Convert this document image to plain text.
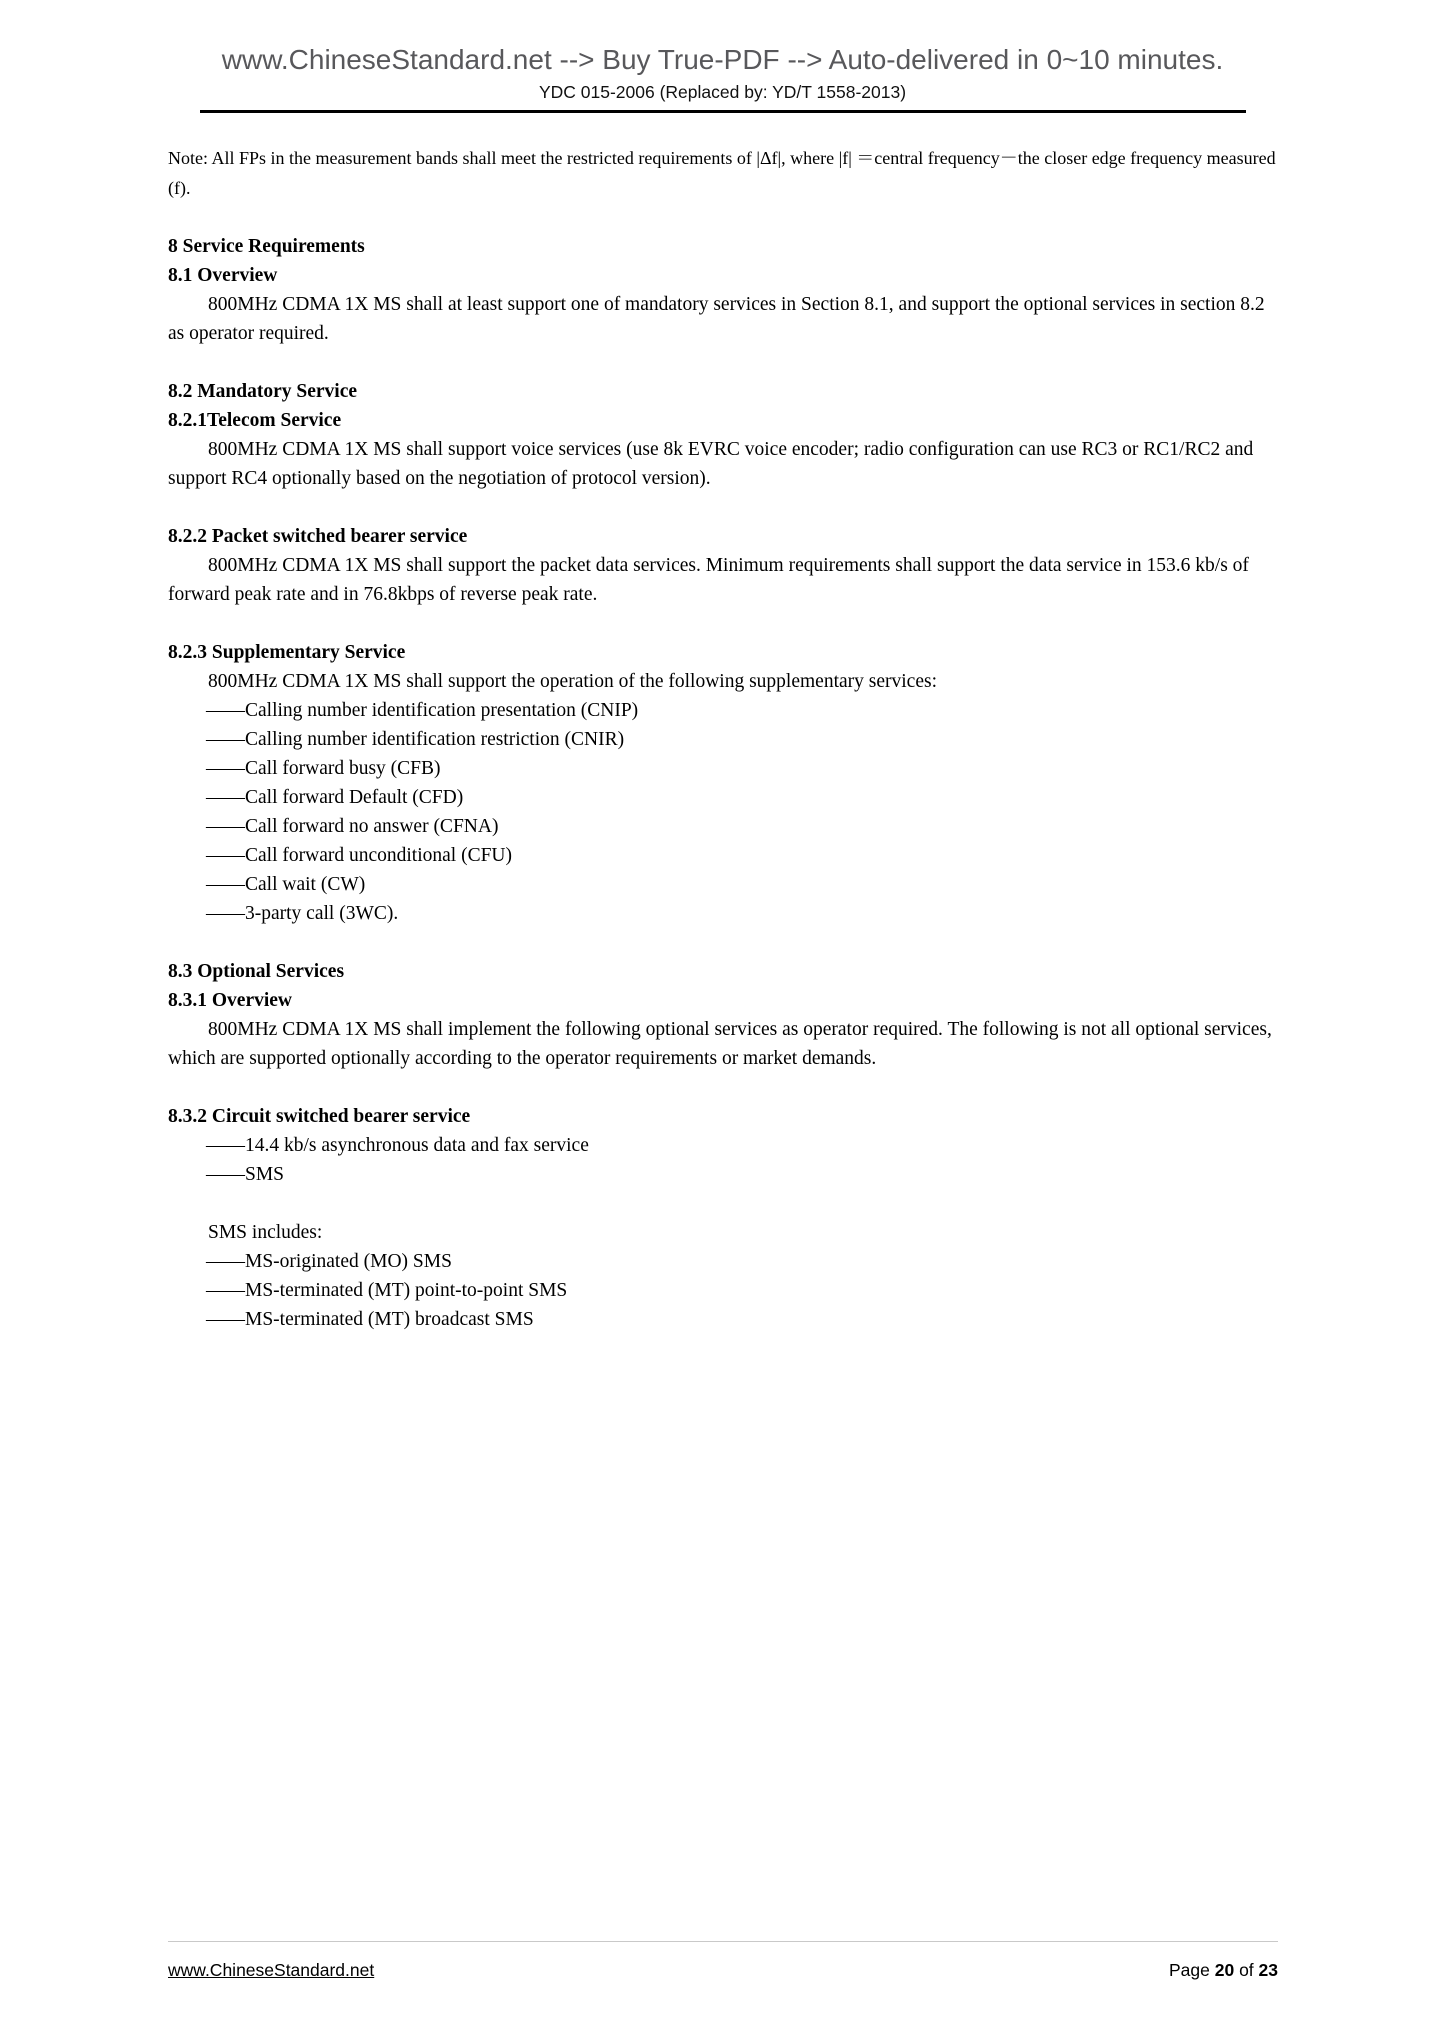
www.ChineseStandard.net --> Buy True-PDF --> Auto-delivered in 0~10 minutes.
YDC 015-2006 (Replaced by: YD/T 1558-2013)

Note: All FPs in the measurement bands shall meet the restricted requirements of |Δf|, where |f| ＝central frequency－the closer edge frequency measured (f).

8 Service Requirements
8.1 Overview

800MHz CDMA 1X MS shall at least support one of mandatory services in Section 8.1, and support the optional services in section 8.2 as operator required.

8.2 Mandatory Service
8.2.1Telecom Service

800MHz CDMA 1X MS shall support voice services (use 8k EVRC voice encoder; radio configuration can use RC3 or RC1/RC2 and support RC4 optionally based on the negotiation of protocol version).

8.2.2 Packet switched bearer service

800MHz CDMA 1X MS shall support the packet data services. Minimum requirements shall support the data service in 153.6 kb/s of forward peak rate and in 76.8kbps of reverse peak rate.

8.2.3 Supplementary Service

800MHz CDMA 1X MS shall support the operation of the following supplementary services:

——Calling number identification presentation (CNIP)

——Calling number identification restriction (CNIR)

——Call forward busy (CFB)

——Call forward Default (CFD)

——Call forward no answer (CFNA)

——Call forward unconditional (CFU)

——Call wait (CW)

——3-party call (3WC).

8.3 Optional Services
8.3.1 Overview

800MHz CDMA 1X MS shall implement the following optional services as operator required. The following is not all optional services, which are supported optionally according to the operator requirements or market demands.

8.3.2 Circuit switched bearer service

——14.4 kb/s asynchronous data and fax service

——SMS

SMS includes:

——MS-originated (MO) SMS

——MS-terminated (MT) point-to-point SMS

——MS-terminated (MT) broadcast SMS

www.ChineseStandard.net	Page 20 of 23
